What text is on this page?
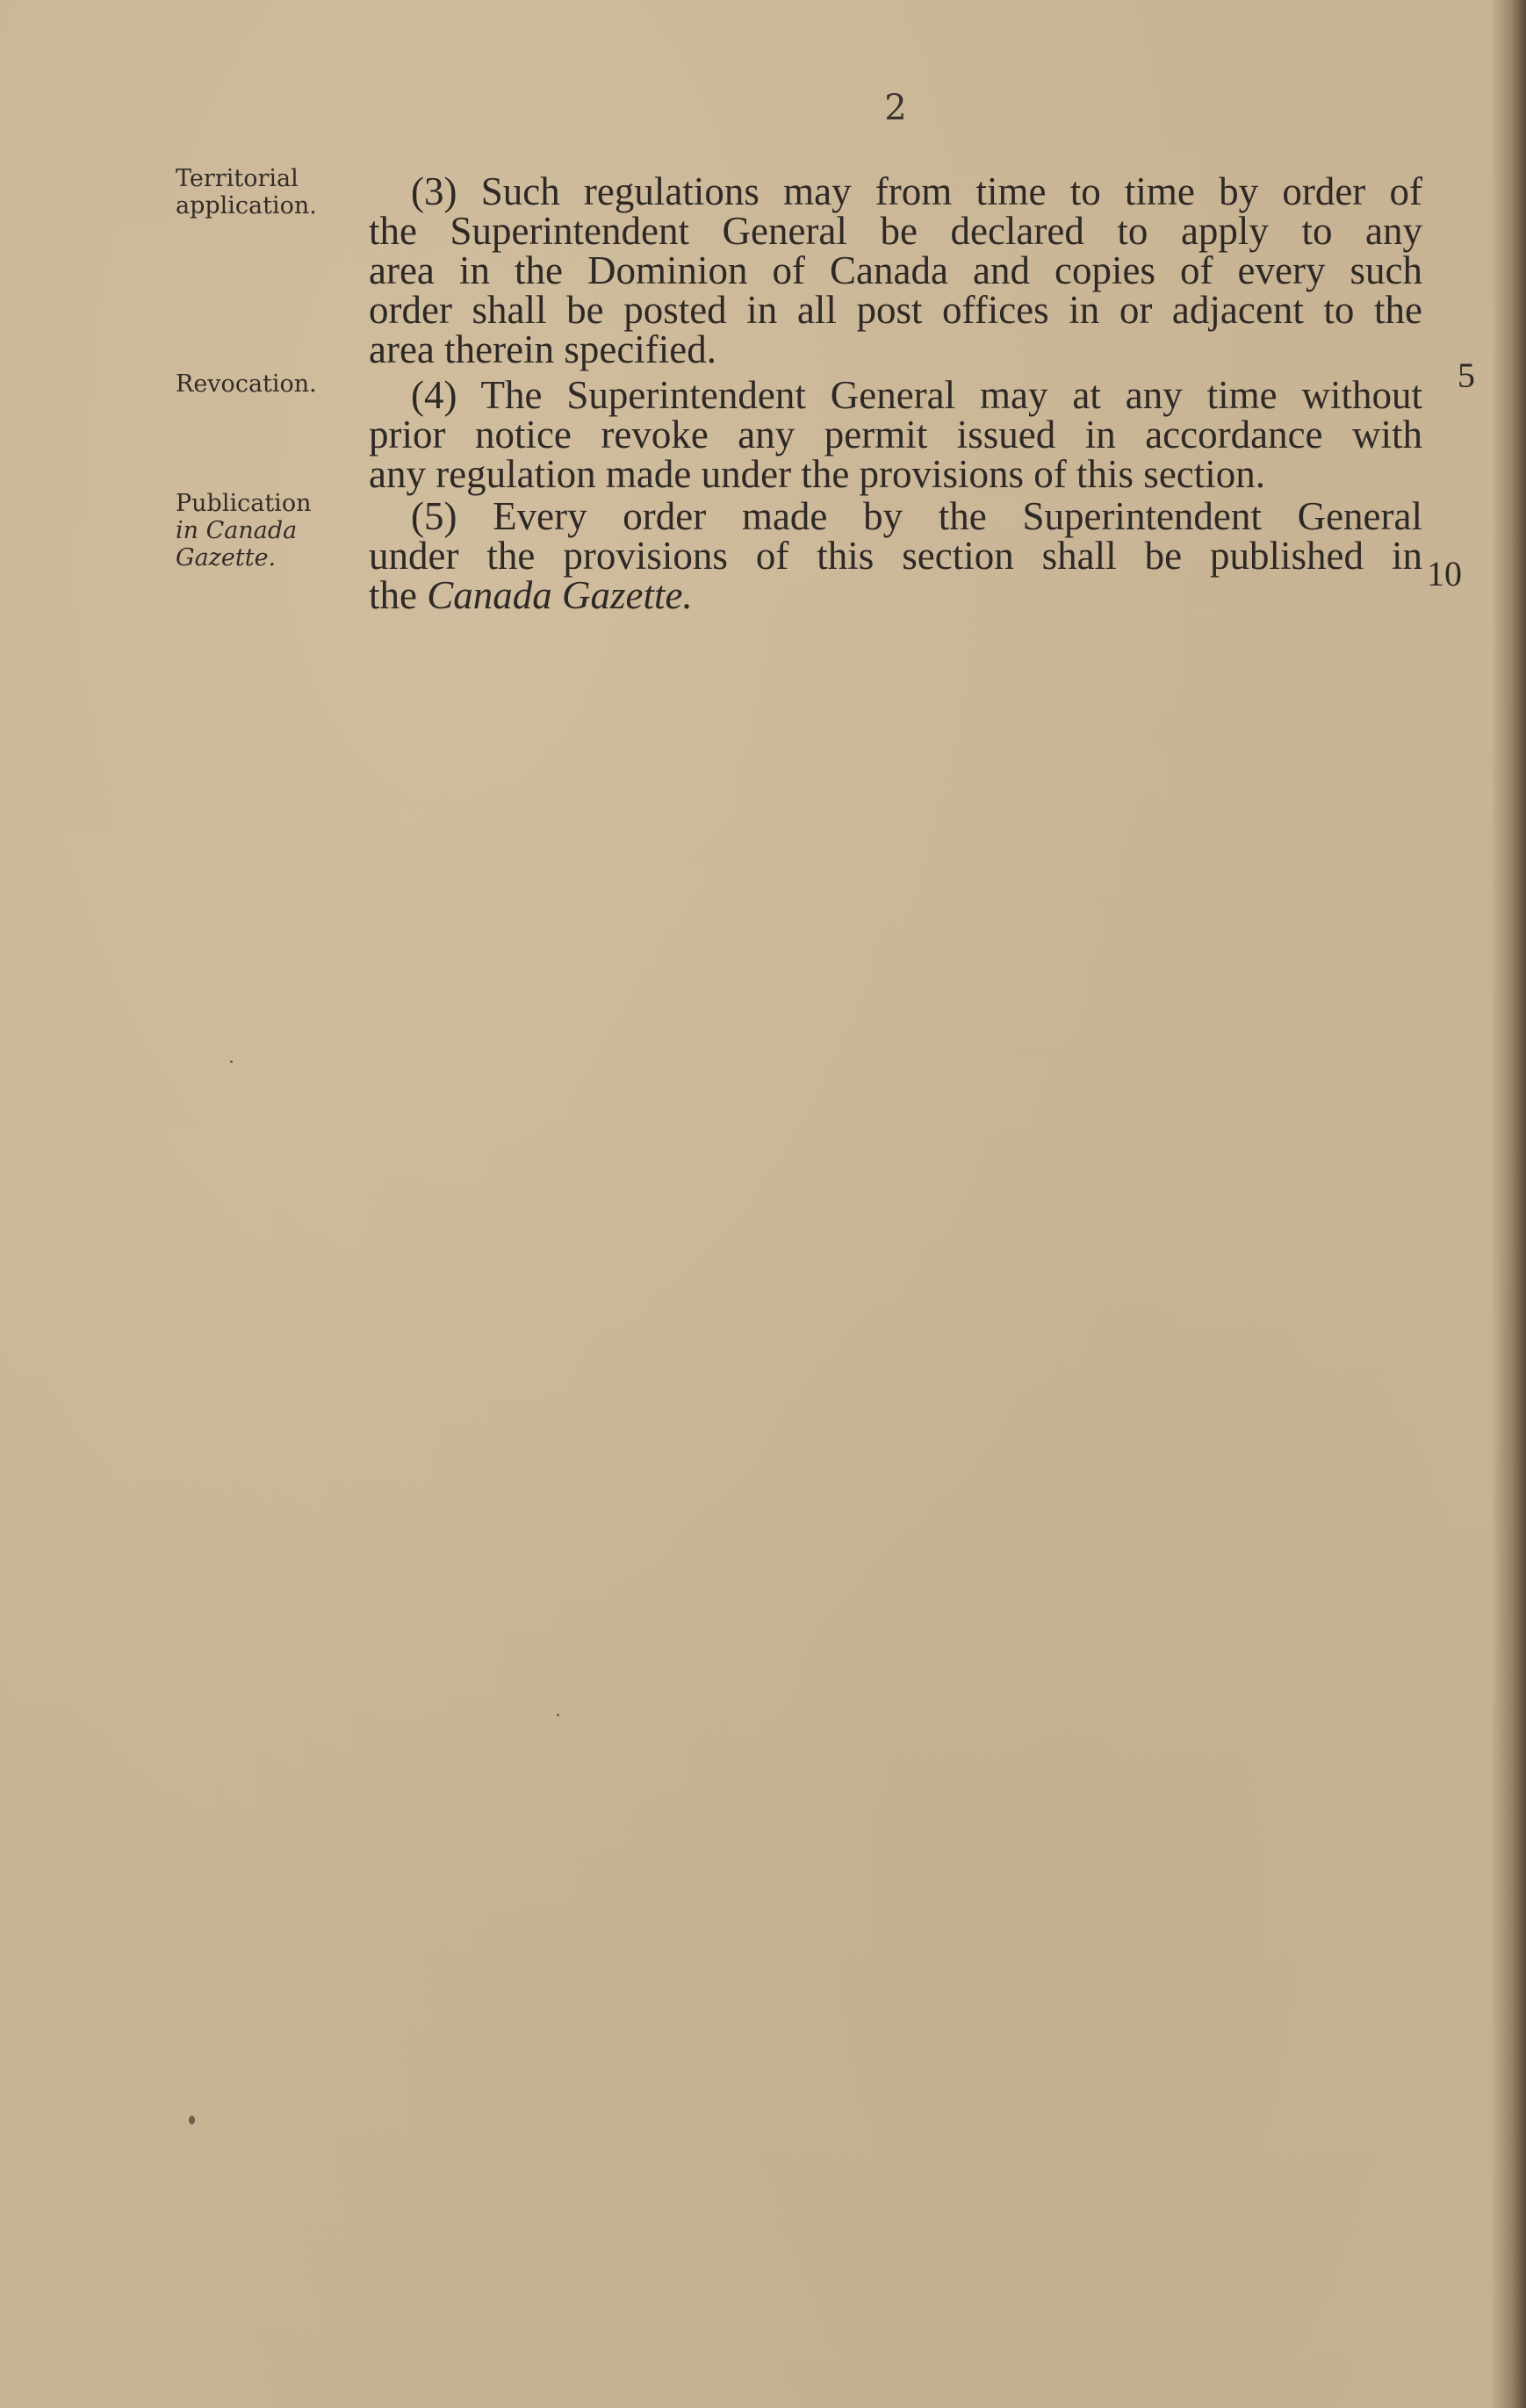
2
Territorial
application.
Revocation.
Publication
in Canada
Gazette.
(3) Such regulations may from time to time by order of
the Superintendent General be declared to apply to any
area in the Dominion of Canada and copies of every such
order shall be posted in all post offices in or adjacent to the
area therein specified.
(4) The Superintendent General may at any time without
prior notice revoke any permit issued in accordance with
any regulation made under the provisions of this section.
(5) Every order made by the Superintendent General
under the provisions of this section shall be published in
the Canada Gazette.
5
10
